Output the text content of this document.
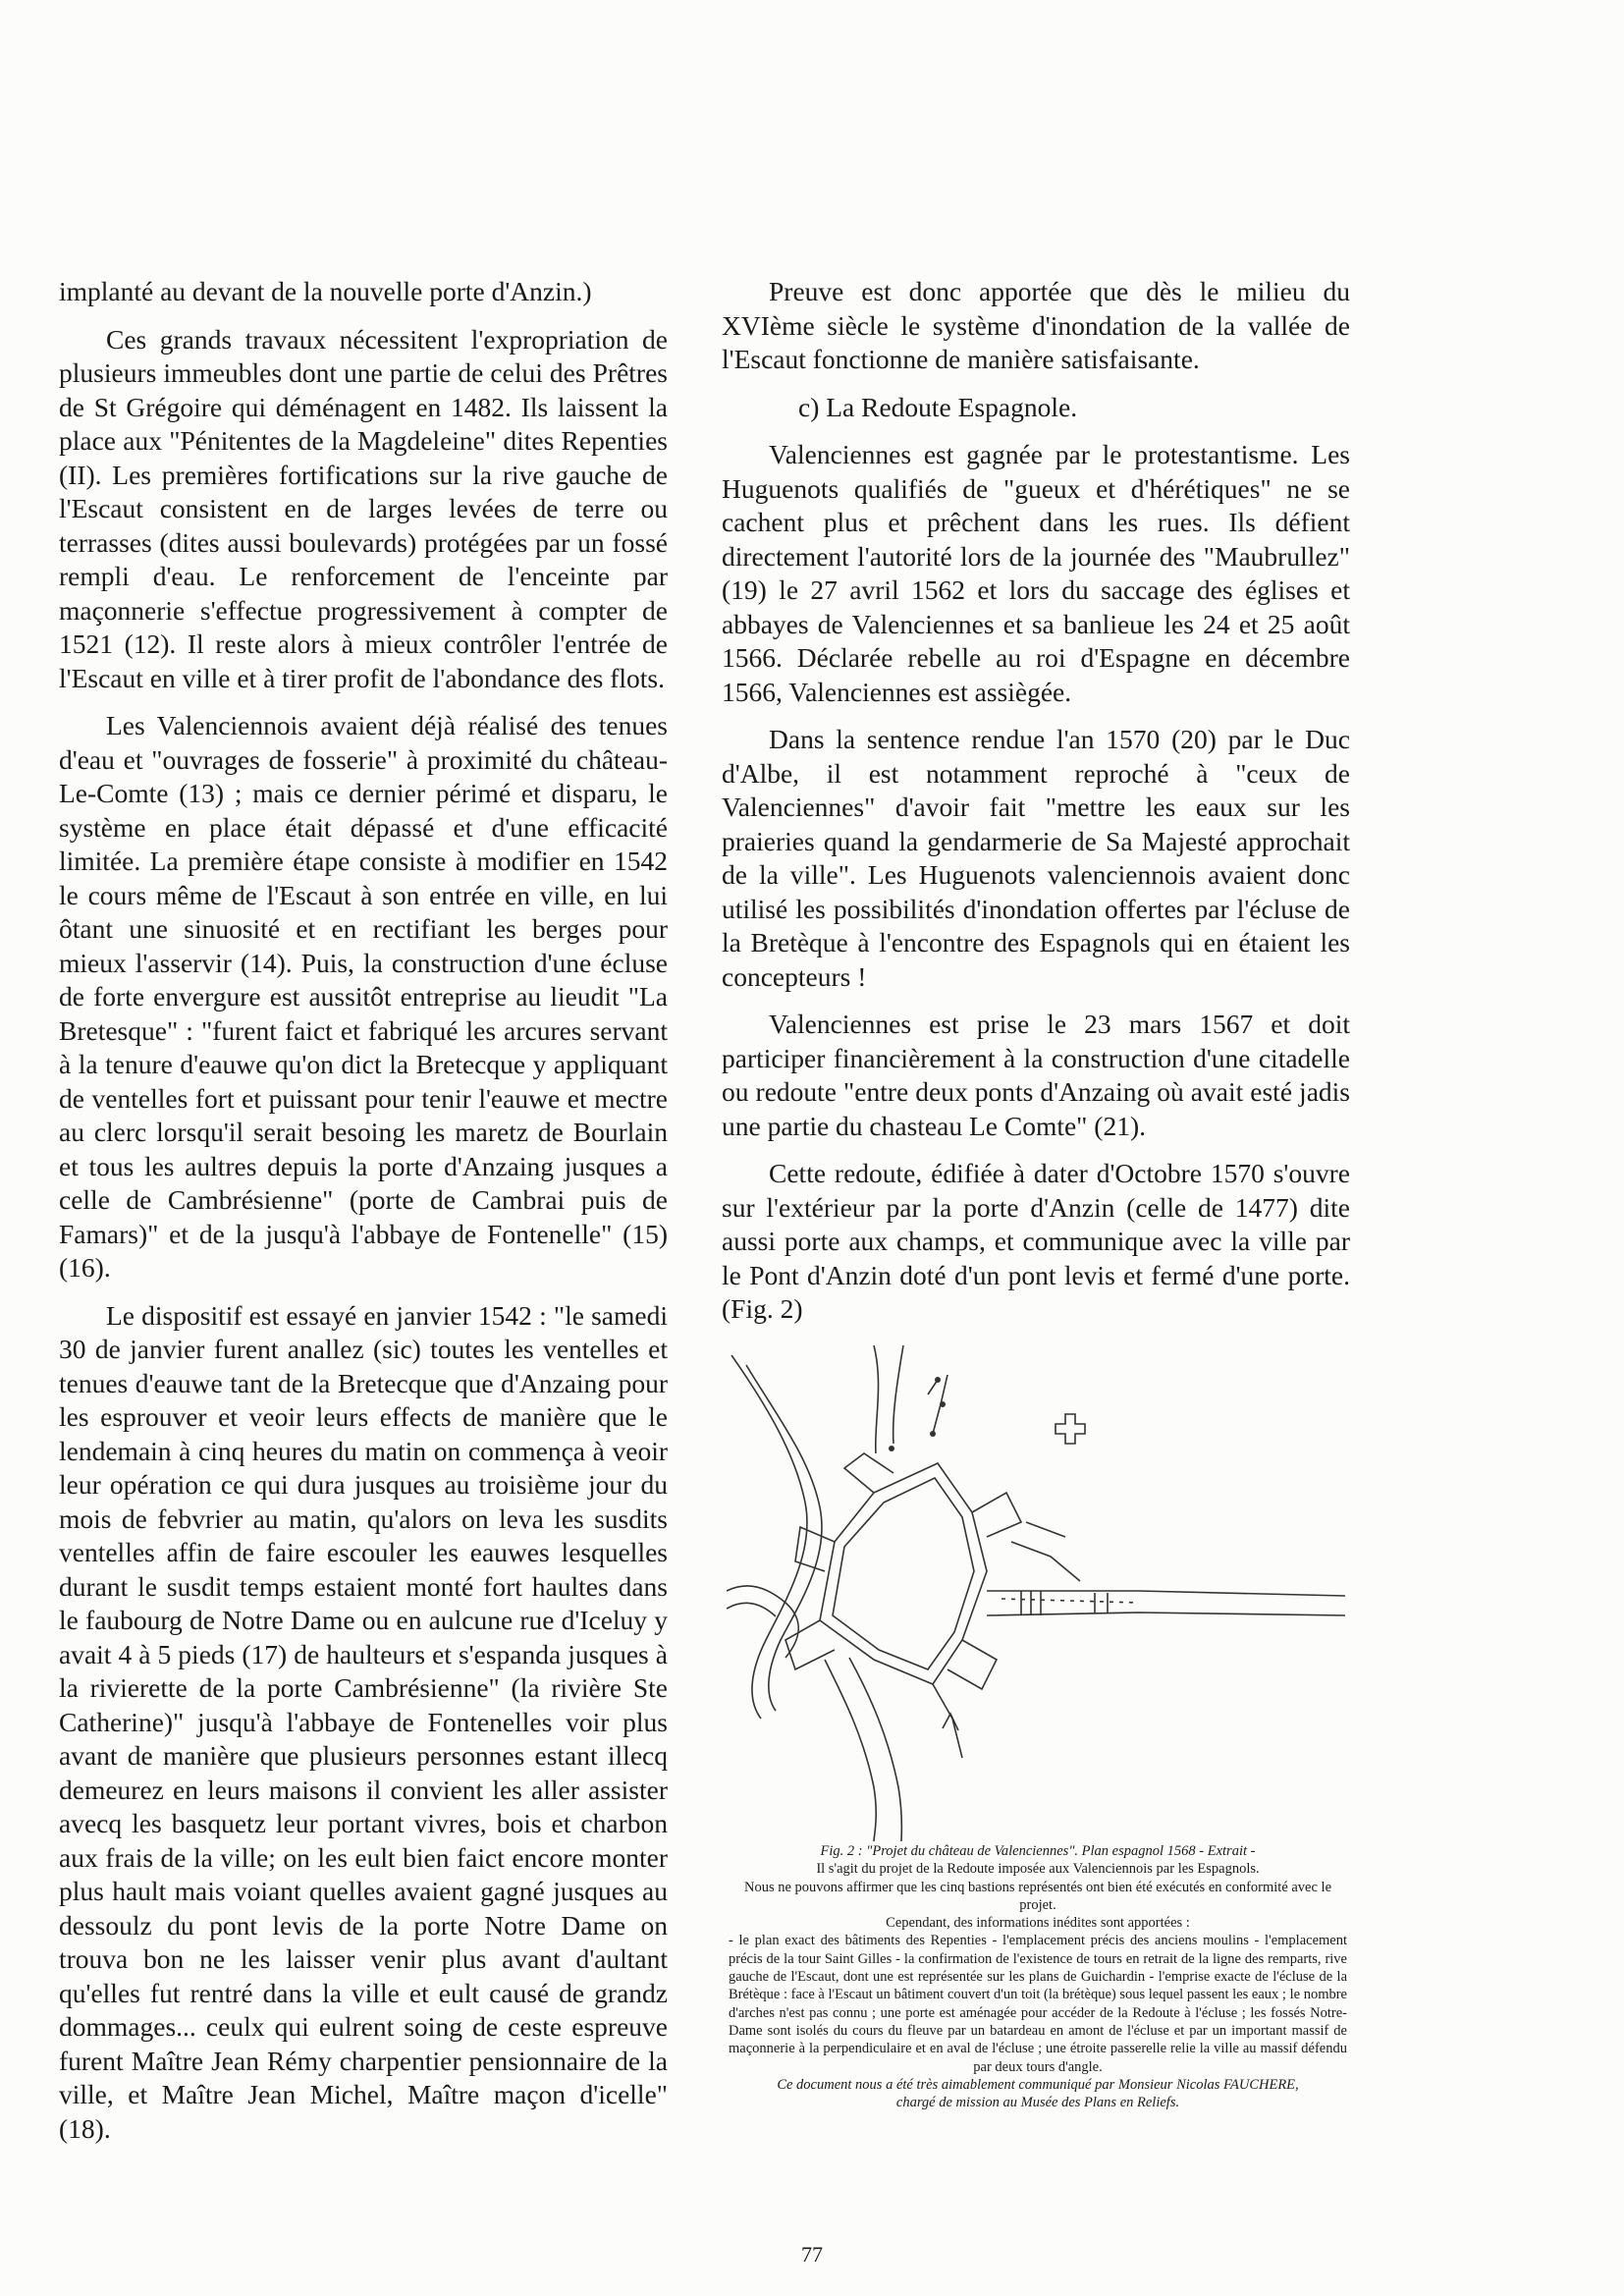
implanté au devant de la nouvelle porte d'Anzin.)

Ces grands travaux nécessitent l'expropriation de plusieurs immeubles dont une partie de celui des Prêtres de St Grégoire qui déménagent en 1482. Ils laissent la place aux "Pénitentes de la Magdeleine" dites Repenties (II). Les premières fortifications sur la rive gauche de l'Escaut consistent en de larges levées de terre ou terrasses (dites aussi boulevards) protégées par un fossé rempli d'eau. Le renforcement de l'enceinte par maçonnerie s'effectue progressivement à compter de 1521 (12). Il reste alors à mieux contrôler l'entrée de l'Escaut en ville et à tirer profit de l'abondance des flots.

Les Valenciennois avaient déjà réalisé des tenues d'eau et "ouvrages de fosserie" à proximité du château-Le-Comte (13) ; mais ce dernier périmé et disparu, le système en place était dépassé et d'une efficacité limitée. La première étape consiste à modifier en 1542 le cours même de l'Escaut à son entrée en ville, en lui ôtant une sinuosité et en rectifiant les berges pour mieux l'asservir (14). Puis, la construction d'une écluse de forte envergure est aussitôt entreprise au lieudit "La Bretesque" : "furent faict et fabriqué les arcures servant à la tenure d'eauwe qu'on dict la Bretecque y appliquant de ventelles fort et puissant pour tenir l'eauwe et mectre au clerc lorsqu'il serait besoing les maretz de Bourlain et tous les aultres depuis la porte d'Anzaing jusques a celle de Cambrésienne" (porte de Cambrai puis de Famars)" et de la jusqu'à l'abbaye de Fontenelle" (15) (16).

Le dispositif est essayé en janvier 1542 : "le samedi 30 de janvier furent anallez (sic) toutes les ventelles et tenues d'eauwe tant de la Bretecque que d'Anzaing pour les esprouver et veoir leurs effects de manière que le lendemain à cinq heures du matin on commença à veoir leur opération ce qui dura jusques au troisième jour du mois de febvrier au matin, qu'alors on leva les susdits ventelles affin de faire escouler les eauwes lesquelles durant le susdit temps estaient monté fort haultes dans le faubourg de Notre Dame ou en aulcune rue d'Iceluy y avait 4 à 5 pieds (17) de haulteurs et s'espanda jusques à la rivierette de la porte Cambrésienne" (la rivière Ste Catherine)" jusqu'à l'abbaye de Fontenelles voir plus avant de manière que plusieurs personnes estant illecq demeurez en leurs maisons il convient les aller assister avecq les basquetz leur portant vivres, bois et charbon aux frais de la ville; on les eult bien faict encore monter plus hault mais voiant quelles avaient gagné jusques au dessoulz du pont levis de la porte Notre Dame on trouva bon ne les laisser venir plus avant d'aultant qu'elles fut rentré dans la ville et eult causé de grandz dommages... ceulx qui eulrent soing de ceste espreuve furent Maître Jean Rémy charpentier pensionnaire de la ville, et Maître Jean Michel, Maître maçon d'icelle" (18).

Preuve est donc apportée que dès le milieu du XVIème siècle le système d'inondation de la vallée de l'Escaut fonctionne de manière satisfaisante.

c) La Redoute Espagnole.

Valenciennes est gagnée par le protestantisme. Les Huguenots qualifiés de "gueux et d'hérétiques" ne se cachent plus et prêchent dans les rues. Ils défient directement l'autorité lors de la journée des "Maubrullez" (19) le 27 avril 1562 et lors du saccage des églises et abbayes de Valenciennes et sa banlieue les 24 et 25 août 1566. Déclarée rebelle au roi d'Espagne en décembre 1566, Valenciennes est assiègée.

Dans la sentence rendue l'an 1570 (20) par le Duc d'Albe, il est notamment reproché à "ceux de Valenciennes" d'avoir fait "mettre les eaux sur les praieries quand la gendarmerie de Sa Majesté approchait de la ville". Les Huguenots valenciennois avaient donc utilisé les possibilités d'inondation offertes par l'écluse de la Bretèque à l'encontre des Espagnols qui en étaient les concepteurs !

Valenciennes est prise le 23 mars 1567 et doit participer financièrement à la construction d'une citadelle ou redoute "entre deux ponts d'Anzaing où avait esté jadis une partie du chasteau Le Comte" (21).

Cette redoute, édifiée à dater d'Octobre 1570 s'ouvre sur l'extérieur par la porte d'Anzin (celle de 1477) dite aussi porte aux champs, et communique avec la ville par le Pont d'Anzin doté d'un pont levis et fermé d'une porte. (Fig. 2)

Fig. 2 : "Projet du château de Valenciennes". Plan espagnol 1568 - Extrait -
Il s'agit du projet de la Redoute imposée aux Valenciennois par les Espagnols.
Nous ne pouvons affirmer que les cinq bastions représentés ont bien été exécutés en conformité avec le projet.
Cependant, des informations inédites sont apportées :
- le plan exact des bâtiments des Repenties - l'emplacement précis des anciens moulins - l'emplacement précis de la tour Saint Gilles - la confirmation de l'existence de tours en retrait de la ligne des remparts, rive gauche de l'Escaut, dont une est représentée sur les plans de Guichardin - l'emprise exacte de l'écluse de la Brétèque : face à l'Escaut un bâtiment couvert d'un toit (la brétèque) sous lequel passent les eaux ; le nombre d'arches n'est pas connu ; une porte est aménagée pour accéder de la Redoute à l'écluse ; les fossés Notre-Dame sont isolés du cours du fleuve par un batardeau en amont de l'écluse et par un important massif de maçonnerie à la perpendiculaire et en aval de l'écluse ; une étroite passerelle relie la ville au massif défendu par deux tours d'angle.
Ce document nous a été très aimablement communiqué par Monsieur Nicolas FAUCHERE,
chargé de mission au Musée des Plans en Reliefs.
77
